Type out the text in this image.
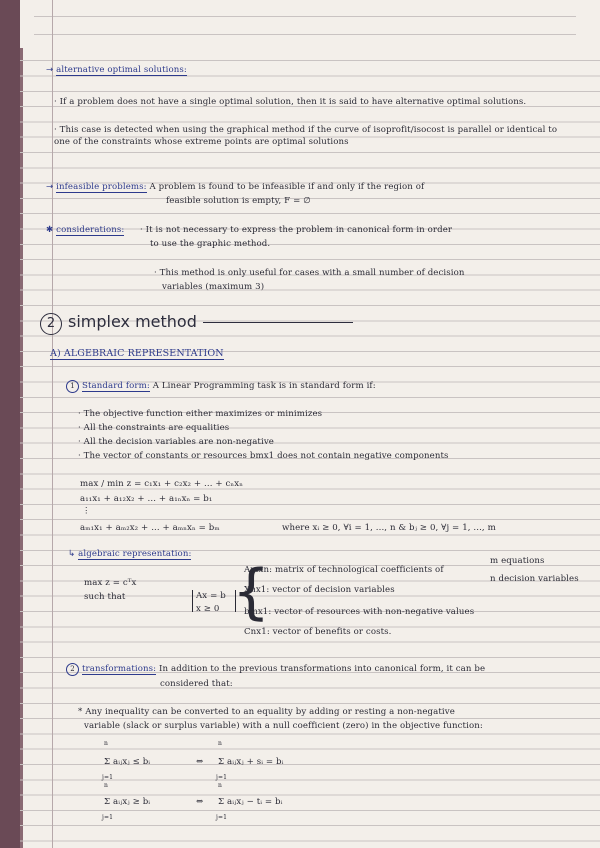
→ alternative optimal solutions:
· If a problem does not have a single optimal solution, then it is said to have alternative optimal solutions.
· This case is detected when using the graphical method if the curve of isoprofit/isocost is parallel or identical to one of the constraints whose extreme points are optimal solutions
→ infeasible problems: A problem is found to be infeasible if and only if the region of
feasible solution is empty, F = ∅
✱ considerations: · It is not necessary to express the problem in canonical form in order
to use the graphic method.
· This method is only useful for cases with a small number of decision
variables (maximum 3)
2 simplex method
A) ALGEBRAIC REPRESENTATION
1 Standard form: A Linear Programming task is in standard form if:
· The objective function either maximizes or minimizes
· All the constraints are equalities
· All the decision variables are non-negative
· The vector of constants or resources bmx1 does not contain negative components
max / min z = c₁x₁ + c₂x₂ + ... + cₙxₙ
a₁₁x₁ + a₁₂x₂ + ... + a₁ₙxₙ = b₁
⋮
aₘ₁x₁ + aₘ₂x₂ + ... + aₘₙxₙ = bₘ	where xᵢ ≥ 0, ∀i = 1, ..., n & bⱼ ≥ 0, ∀j = 1, ..., m
↳ algebraic representation:
m equations
n decision variables
max z = cᵀx
such that	Ax = b
x ≥ 0 {
Amxn: matrix of technological coefficients of
Xnx1: vector of decision variables
bmx1: vector of resources with non-negative values
Cnx1: vector of benefits or costs.
2 transformations: In addition to the previous transformations into canonical form, it can be
considered that:
* Any inequality can be converted to an equality by adding or resting a non-negative
variable (slack or surplus variable) with a null coefficient (zero) in the objective function:
n
Σ aᵢⱼxⱼ ≤ bᵢ
j=1
⇔
n
Σ aᵢⱼxⱼ + sᵢ = bᵢ
j=1
n
Σ aᵢⱼxⱼ ≥ bᵢ
j=1
⇔
n
Σ aᵢⱼxⱼ − tᵢ = bᵢ
j=1
